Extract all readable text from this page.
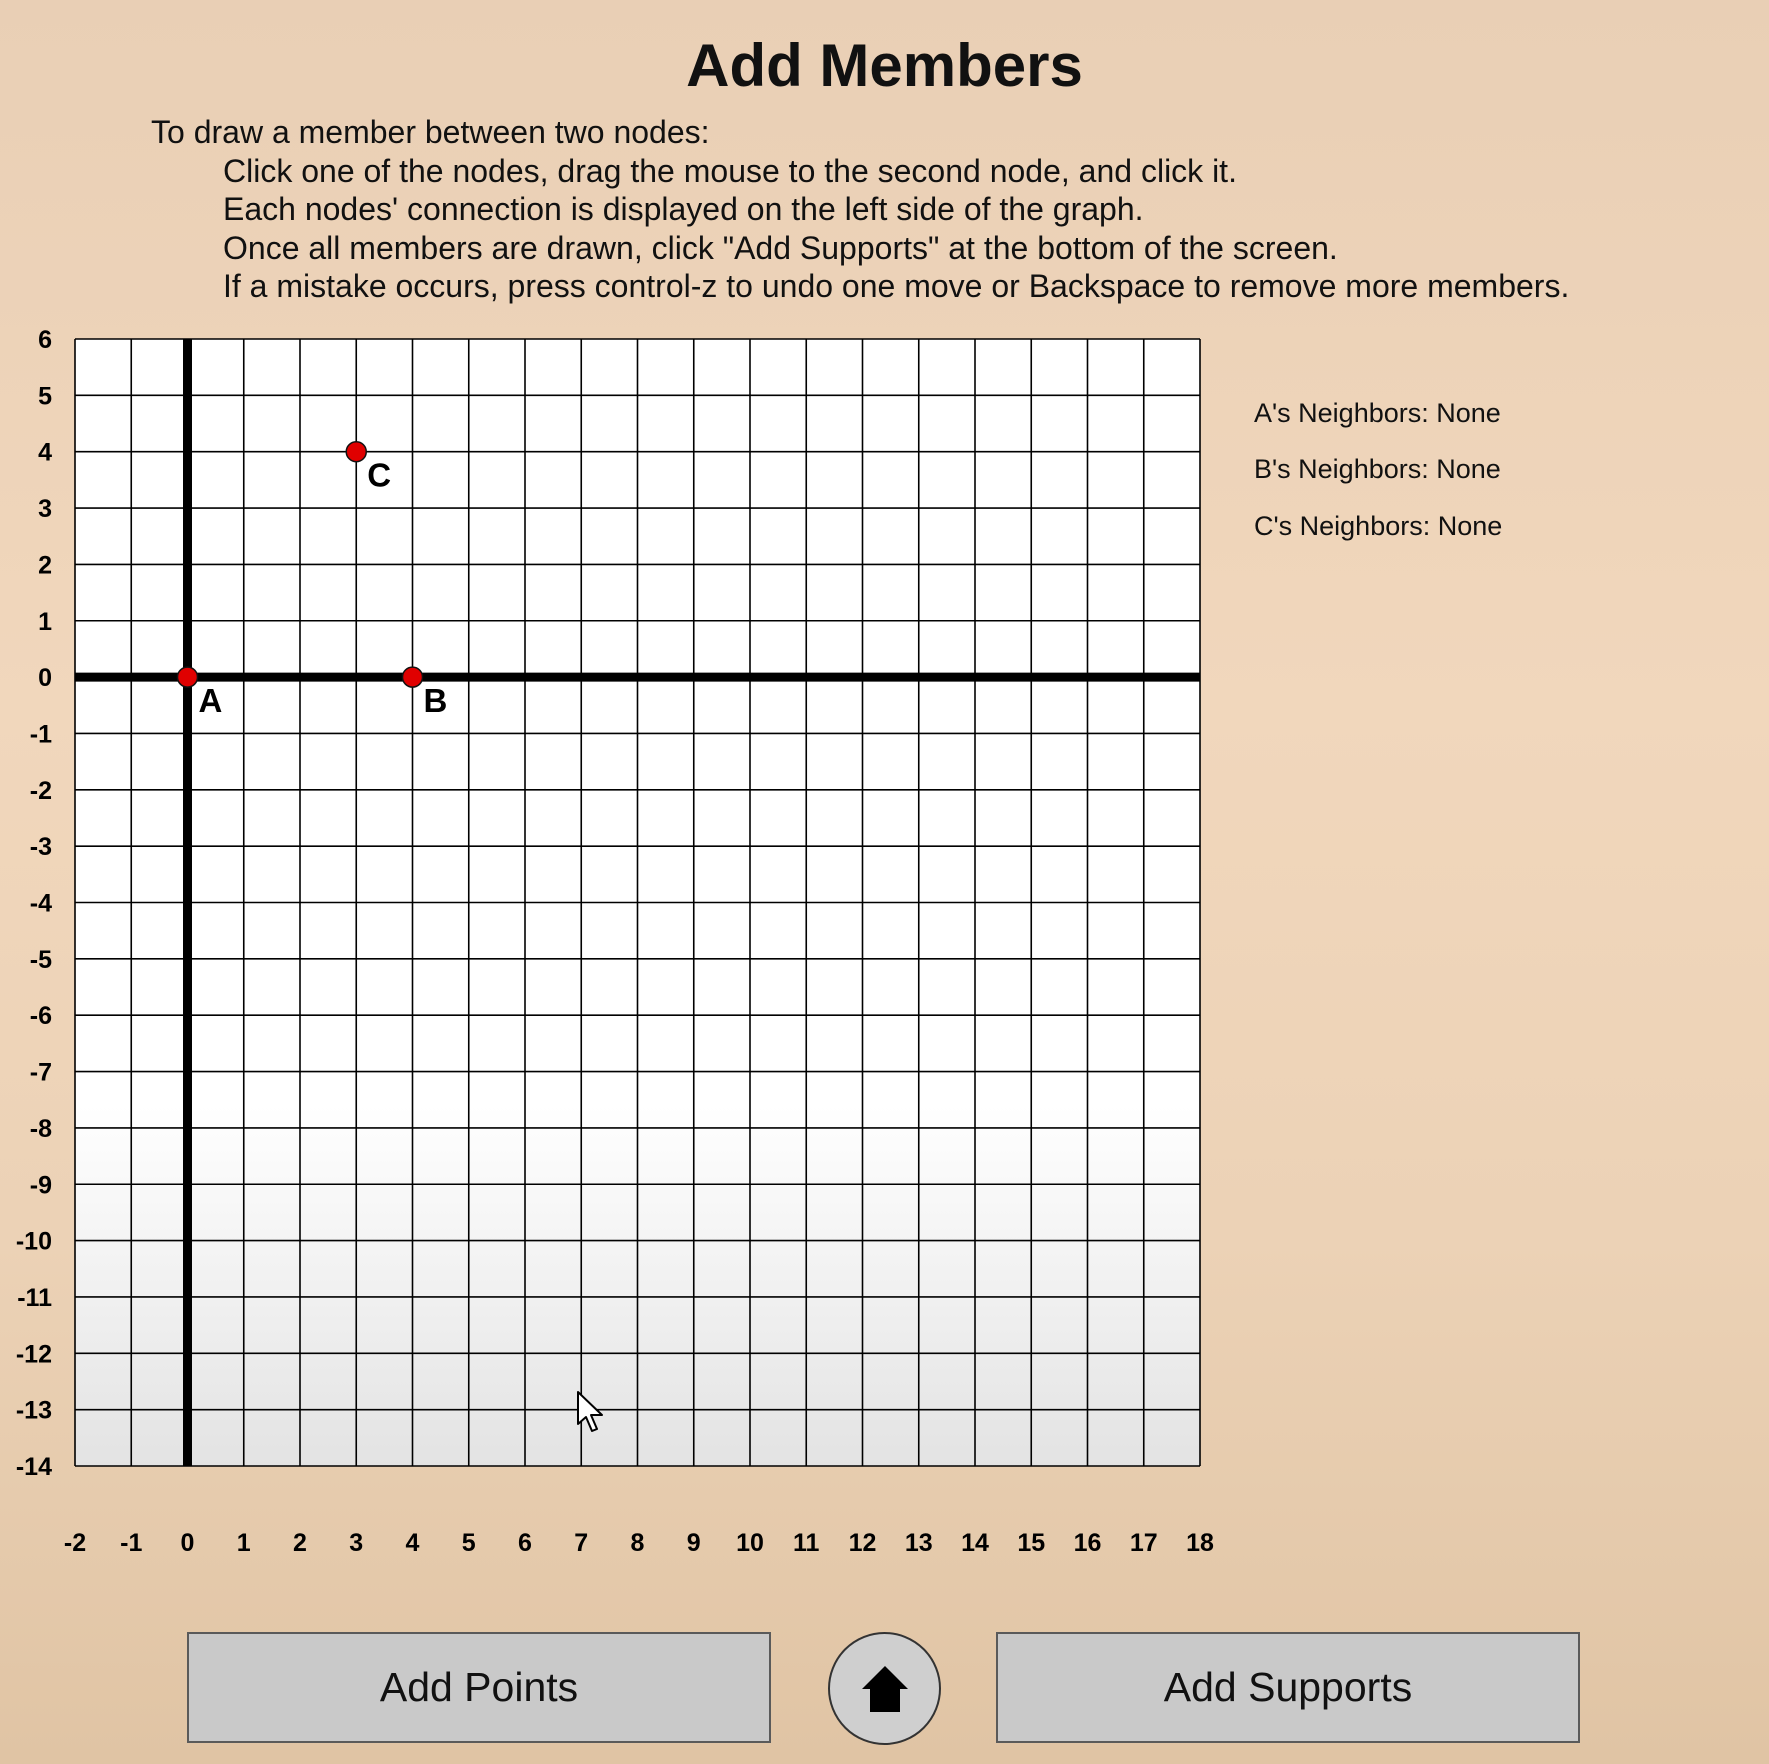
Add Members
To draw a member between two nodes:
Click one of the nodes, drag the mouse to the second node, and click it.
Each nodes' connection is displayed on the left side of the graph.
Once all members are drawn, click "Add Supports" at the bottom of the screen.
If a mistake occurs, press control-z to undo one move or Backspace to remove more members.
6
5
4
3
2
1
0
-1
-2
-3
-4
-5
-6
-7
-8
-9
-10
-11
-12
-13
-14
-2 -1 0 1 2 3 4 5 6 7 8 9 10 11 12 13 14 15 16 17 18
A	B
C
A's Neighbors: None
B's Neighbors: None
C's Neighbors: None
Add Points	Add Supports
